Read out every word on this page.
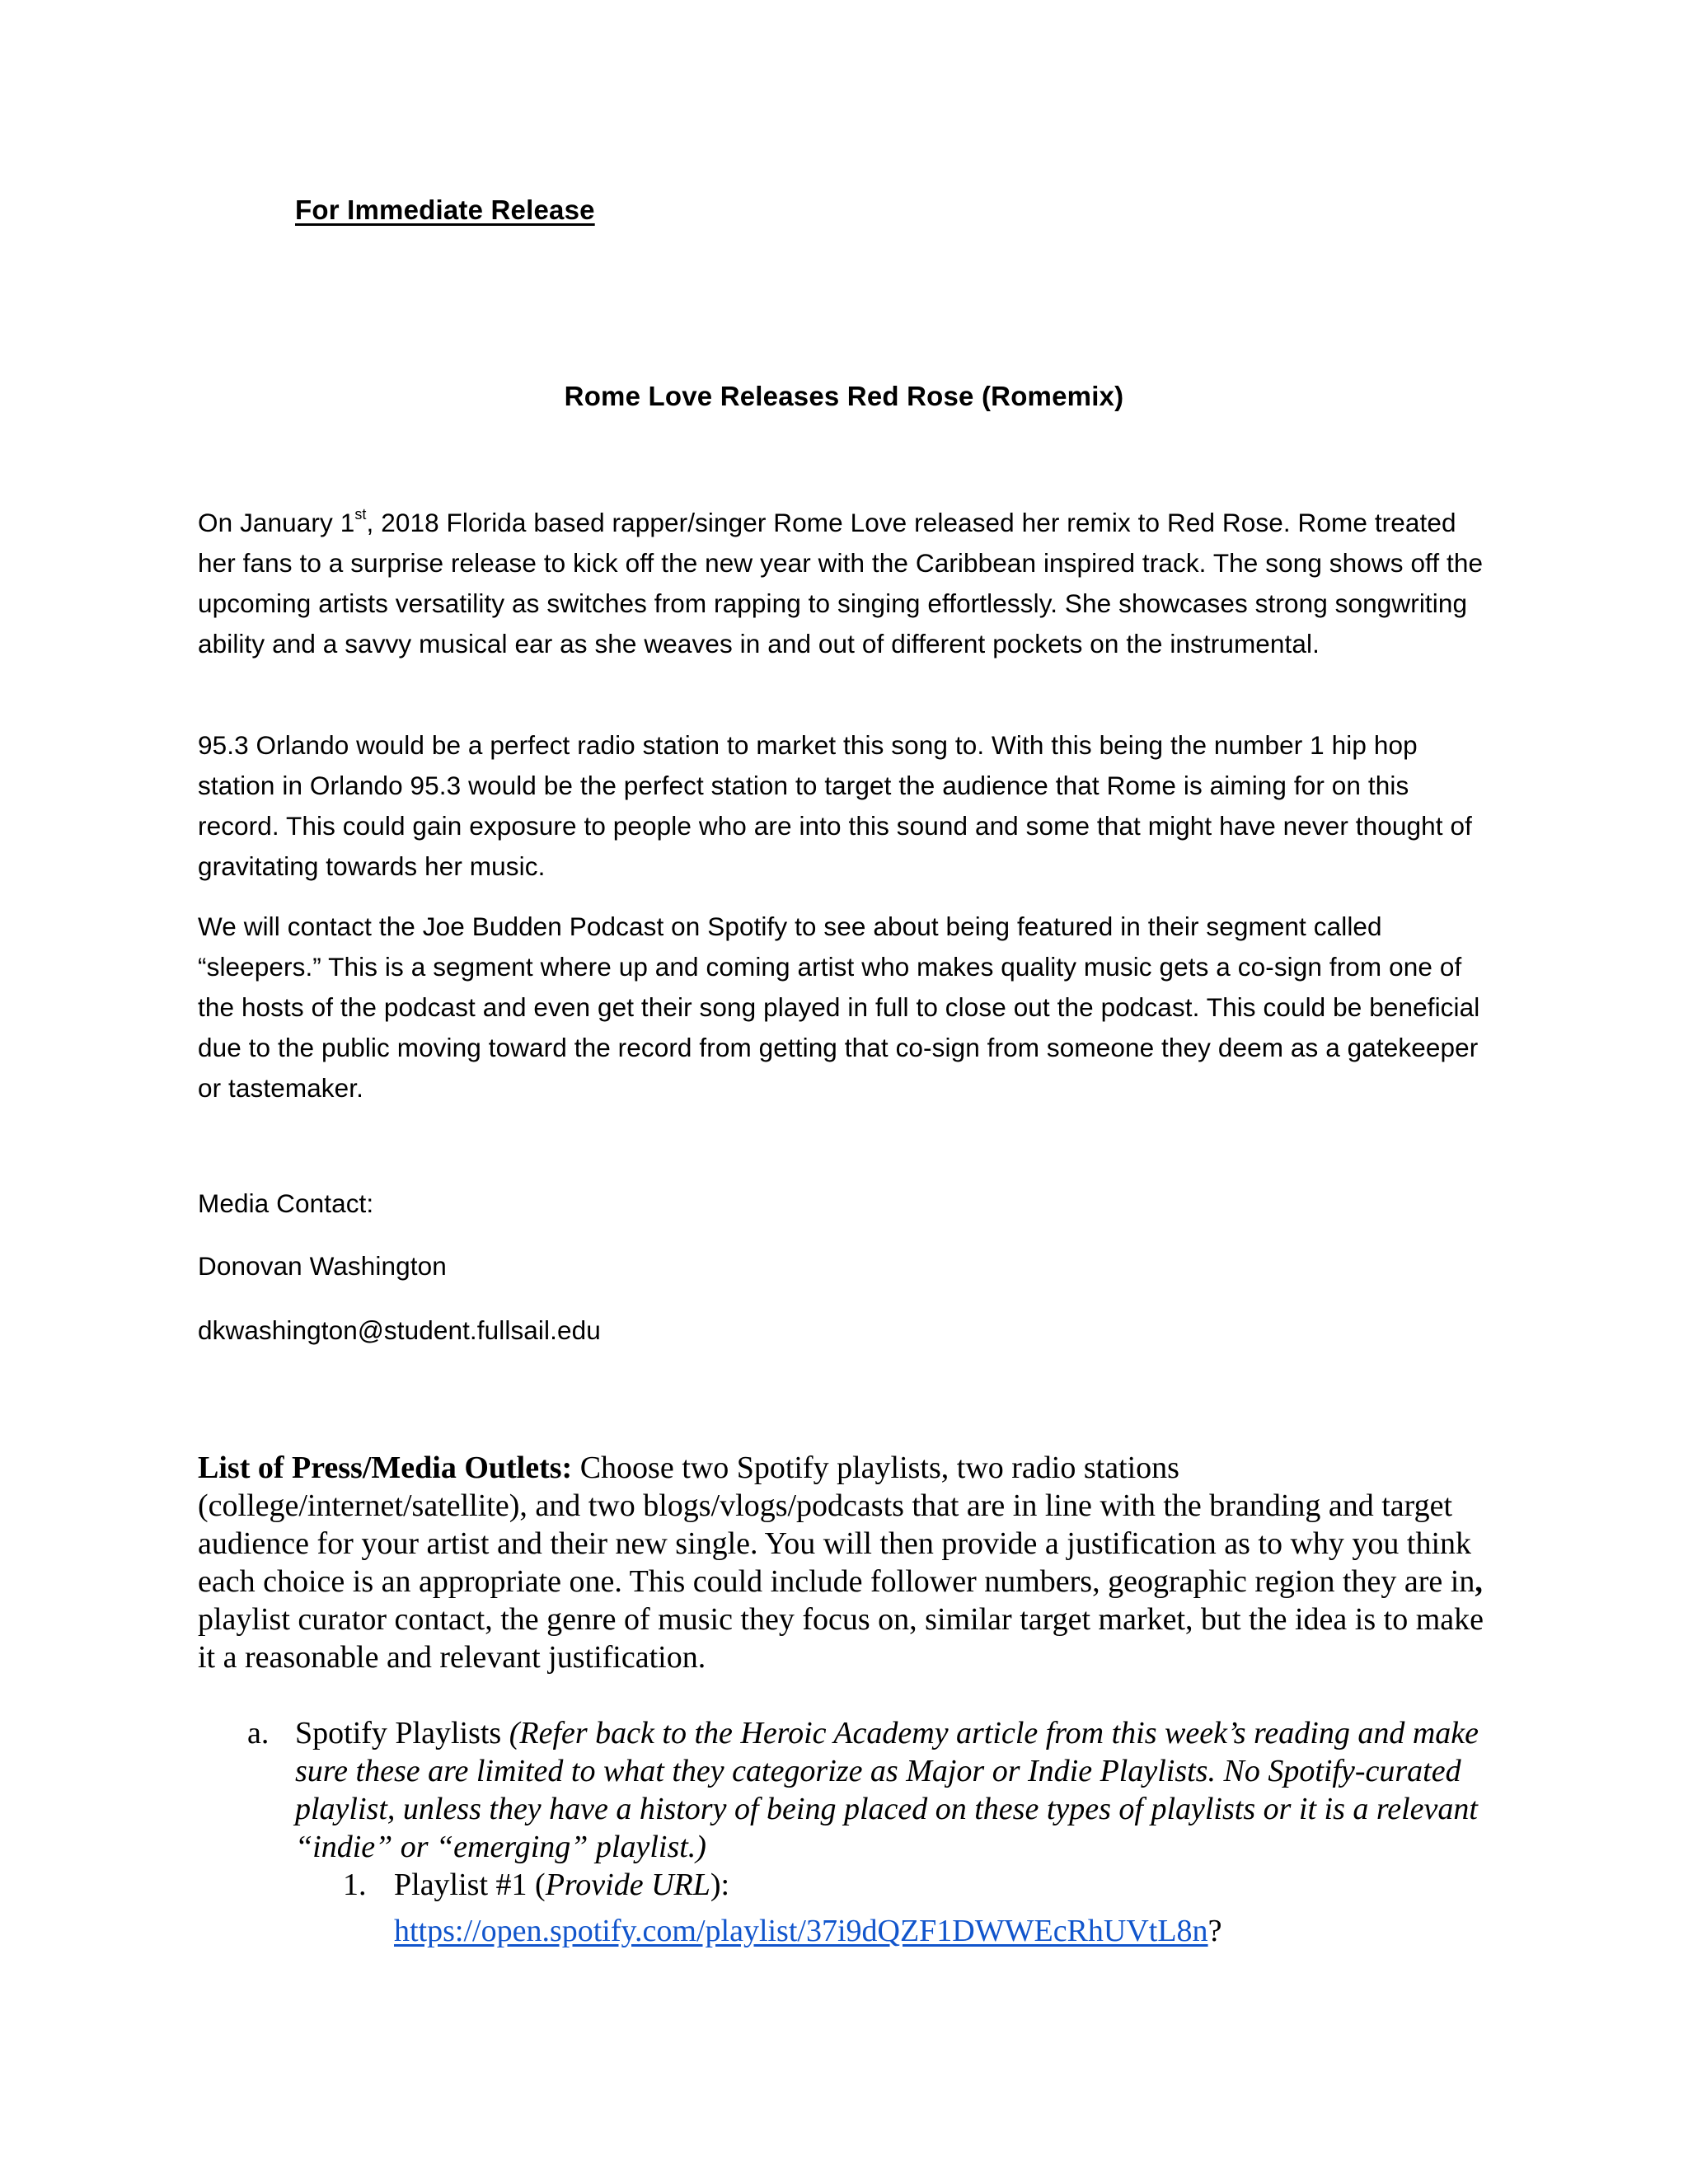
For Immediate Release
Rome Love Releases Red Rose (Romemix)

On January 1st, 2018 Florida based rapper/singer Rome Love released her remix to Red Rose. Rome treated her fans to a surprise release to kick off the new year with the Caribbean inspired track. The song shows off the upcoming artists versatility as switches from rapping to singing effortlessly. She showcases strong songwriting ability and a savvy musical ear as she weaves in and out of different pockets on the instrumental.

95.3 Orlando would be a perfect radio station to market this song to. With this being the number 1 hip hop station in Orlando 95.3 would be the perfect station to target the audience that Rome is aiming for on this record. This could gain exposure to people who are into this sound and some that might have never thought of gravitating towards her music.

We will contact the Joe Budden Podcast on Spotify to see about being featured in their segment called “sleepers.” This is a segment where up and coming artist who makes quality music gets a co-sign from one of the hosts of the podcast and even get their song played in full to close out the podcast. This could be beneficial due to the public moving toward the record from getting that co-sign from someone they deem as a gatekeeper or tastemaker.

Media Contact:
Donovan Washington
dkwashington@student.fullsail.edu

List of Press/Media Outlets: Choose two Spotify playlists, two radio stations (college/internet/satellite), and two blogs/vlogs/podcasts that are in line with the branding and target audience for your artist and their new single. You will then provide a justification as to why you think each choice is an appropriate one. This could include follower numbers, geographic region they are in, playlist curator contact, the genre of music they focus on, similar target market, but the idea is to make it a reasonable and relevant justification.

a. Spotify Playlists (Refer back to the Heroic Academy article from this week’s reading and make sure these are limited to what they categorize as Major or Indie Playlists. No Spotify-curated playlist, unless they have a history of being placed on these types of playlists or it is a relevant “indie” or “emerging” playlist.)
1. Playlist #1 (Provide URL):
https://open.spotify.com/playlist/37i9dQZF1DWWEcRhUVtL8n?
